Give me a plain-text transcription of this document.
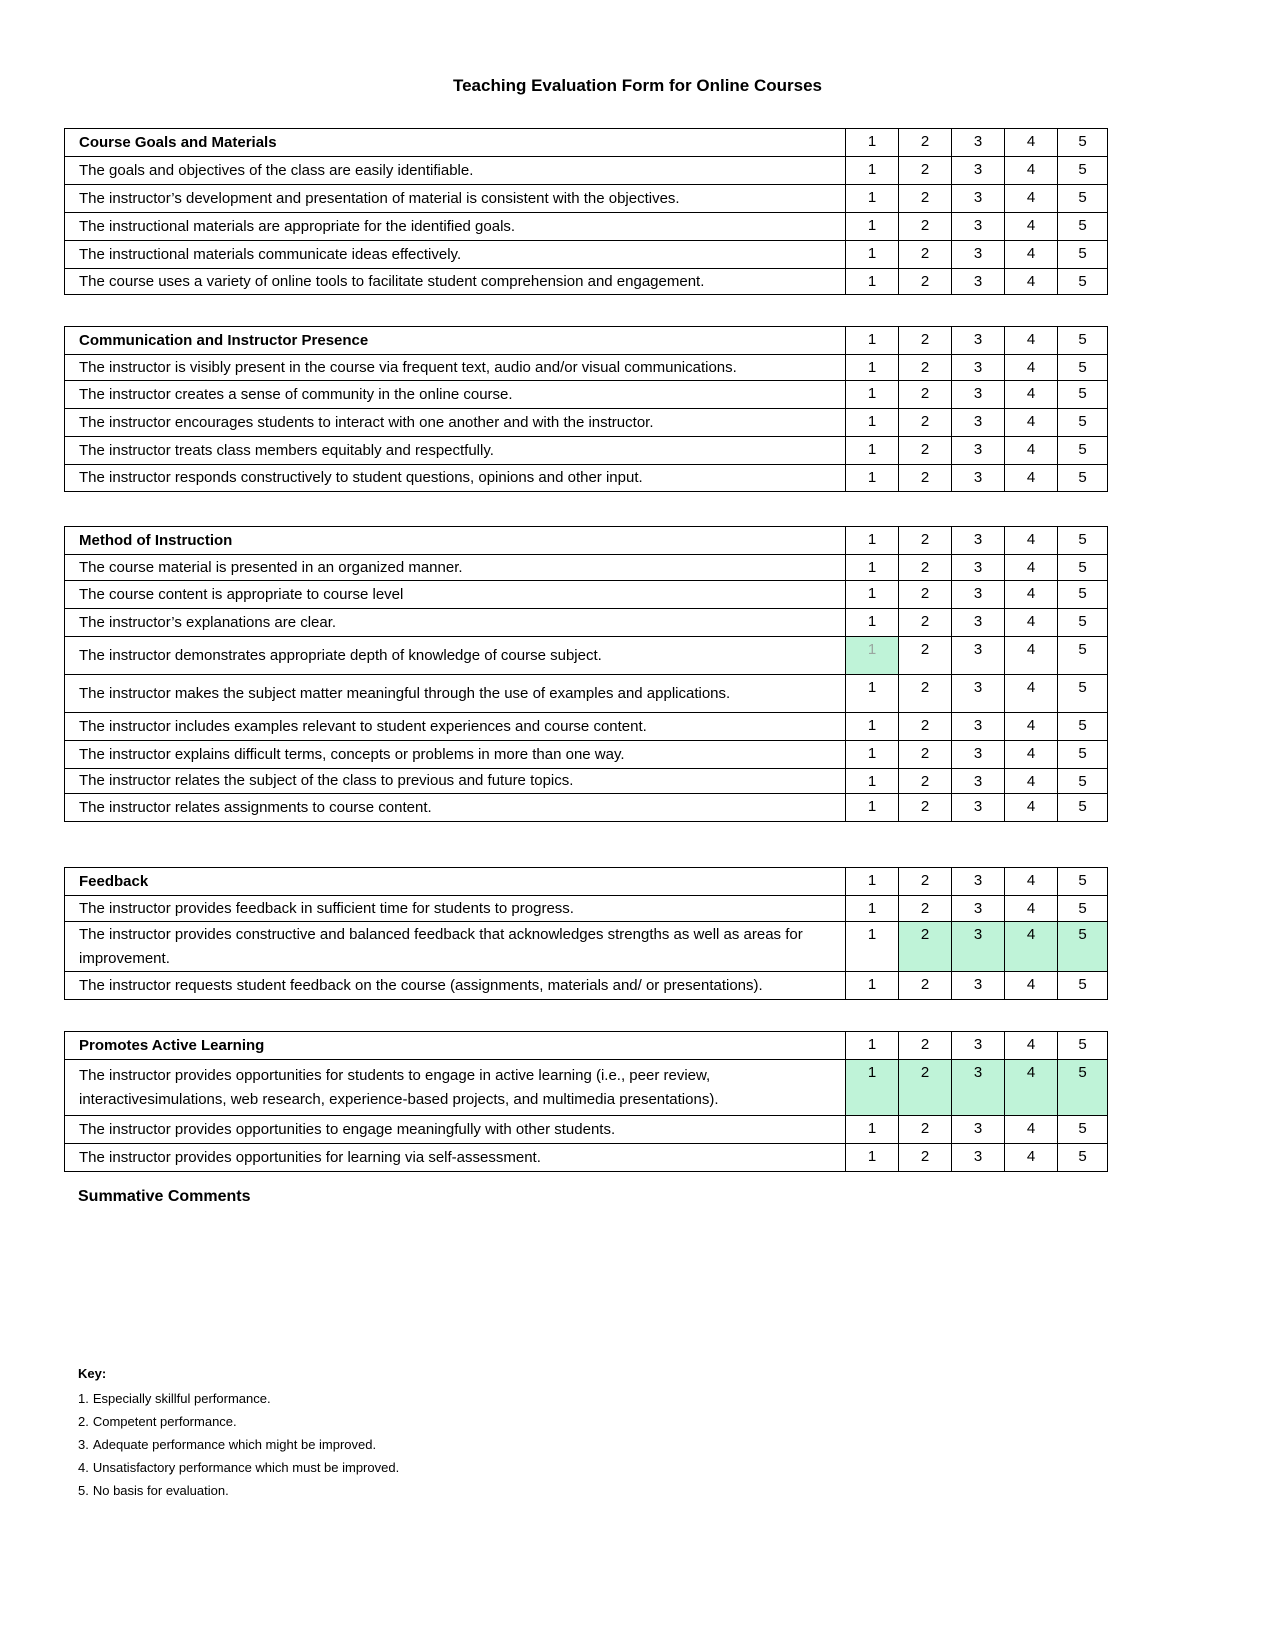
Teaching Evaluation Form for Online Courses
Course Goals and Materials	1	2	3	4	5
The goals and objectives of the class are easily identifiable.	1	2	3	4	5
The instructor’s development and presentation of material is consistent with the objectives.	1	2	3	4	5
The instructional materials are appropriate for the identified goals.	1	2	3	4	5
The instructional materials communicate ideas effectively.	1	2	3	4	5
The course uses a variety of online tools to facilitate student comprehension and engagement.	1	2	3	4	5
Communication and Instructor Presence	1	2	3	4	5
The instructor is visibly present in the course via frequent text, audio and/or visual communications.	1	2	3	4	5
The instructor creates a sense of community in the online course.	1	2	3	4	5
The instructor encourages students to interact with one another and with the instructor.	1	2	3	4	5
The instructor treats class members equitably and respectfully.	1	2	3	4	5
The instructor responds constructively to student questions, opinions and other input.	1	2	3	4	5
Method of Instruction	1	2	3	4	5
The course material is presented in an organized manner.	1	2	3	4	5
The course content is appropriate to course level	1	2	3	4	5
The instructor’s explanations are clear.	1	2	3	4	5
The instructor demonstrates appropriate depth of knowledge of course subject.	1	2	3	4	5
The instructor makes the subject matter meaningful through the use of examples and applications.	1	2	3	4	5
The instructor includes examples relevant to student experiences and course content.	1	2	3	4	5
The instructor explains difficult terms, concepts or problems in more than one way.	1	2	3	4	5
The instructor relates the subject of the class to previous and future topics.	1	2	3	4	5
The instructor relates assignments to course content.	1	2	3	4	5
Feedback	1	2	3	4	5
The instructor provides feedback in sufficient time for students to progress.	1	2	3	4	5
The instructor provides constructive and balanced feedback that acknowledges strengths as well as areas for improvement.	1	2	3	4	5
The instructor requests student feedback on the course (assignments, materials and/ or presentations).	1	2	3	4	5
Promotes Active Learning	1	2	3	4	5
The instructor provides opportunities for students to engage in active learning (i.e., peer review, interactivesimulations, web research, experience-based projects, and multimedia presentations).	1	2	3	4	5
The instructor provides opportunities to engage meaningfully with other students.	1	2	3	4	5
The instructor provides opportunities for learning via self-assessment.	1	2	3	4	5
Summative Comments
Key:
1. Especially skillful performance.
2. Competent performance.
3. Adequate performance which might be improved.
4. Unsatisfactory performance which must be improved.
5. No basis for evaluation.
